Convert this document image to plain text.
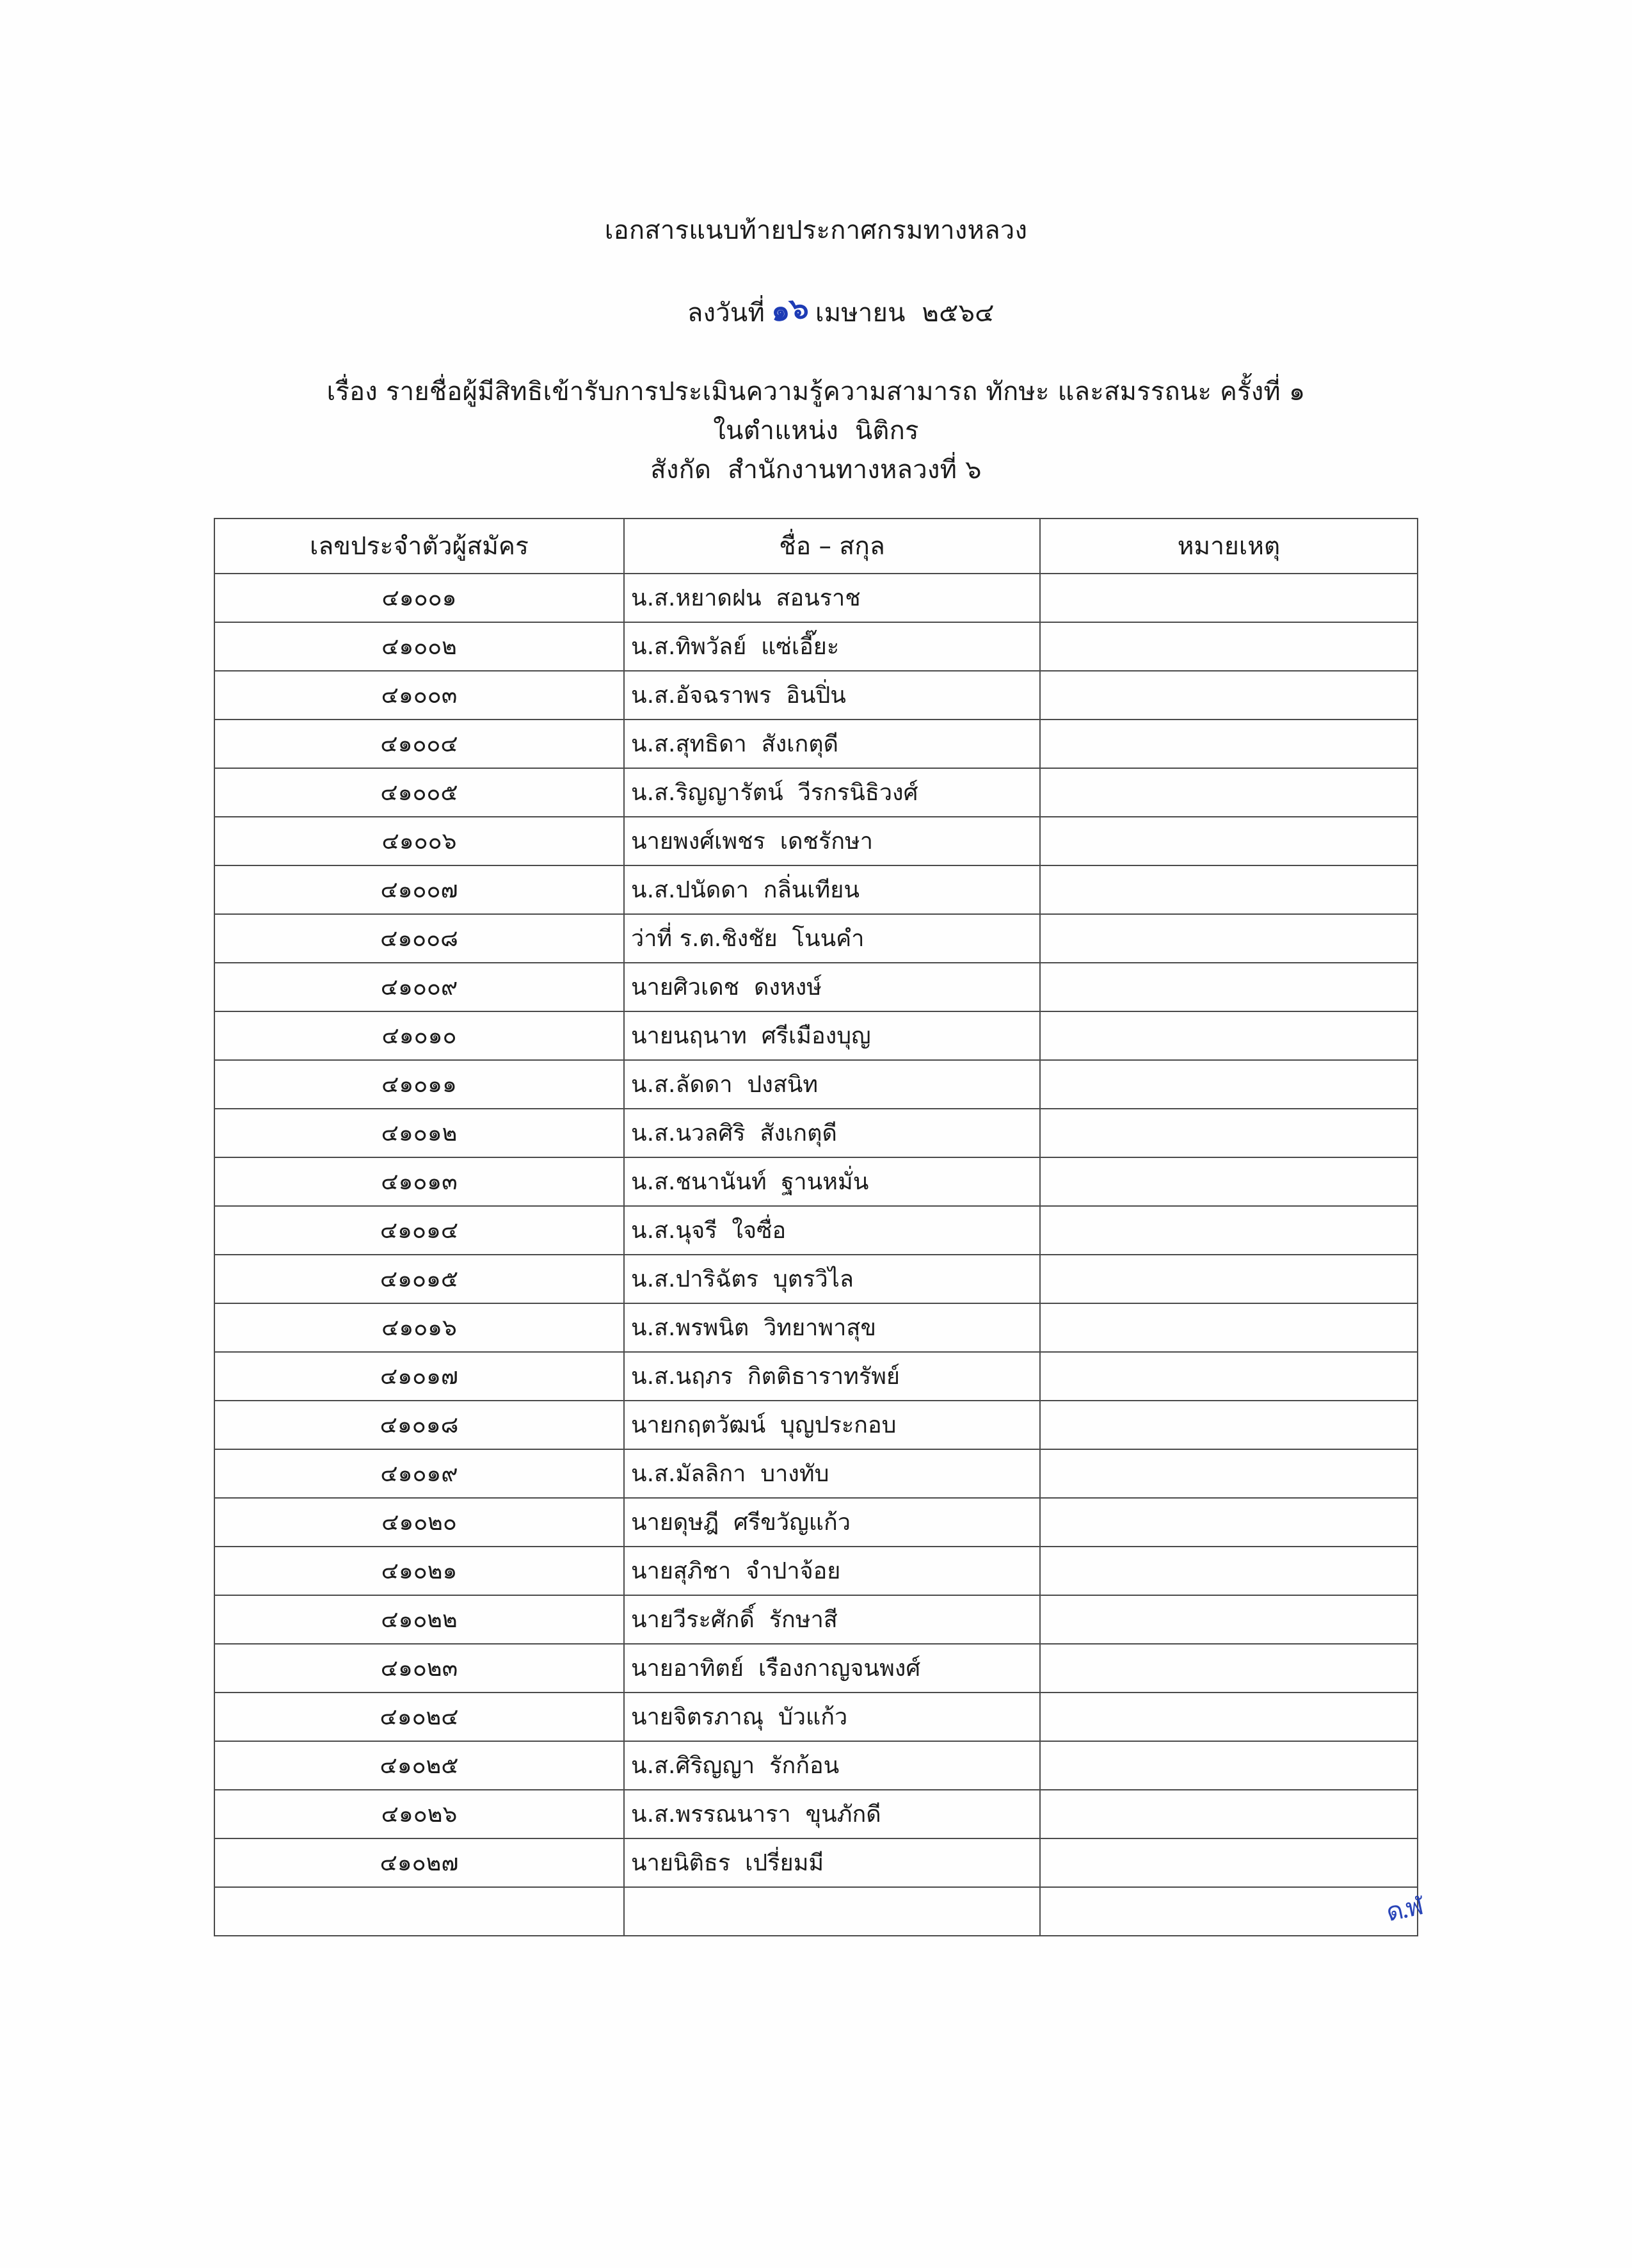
เอกสารแนบท้ายประกาศกรมทางหลวง

ลงวันที่ ๑๖ เมษายน  ๒๕๖๔

เรื่อง รายชื่อผู้มีสิทธิเข้ารับการประเมินความรู้ความสามารถ ทักษะ และสมรรถนะ ครั้งที่ ๑
ในตำแหน่ง  นิติกร
สังกัด  สำนักงานทางหลวงที่ ๖
เลขประจำตัวผู้สมัคร	ชื่อ – สกุล	หมายเหตุ
๔๑๐๐๑	น.ส.หยาดฝน  สอนราช	
๔๑๐๐๒	น.ส.ทิพวัลย์  แซ่เอี๊ยะ	
๔๑๐๐๓	น.ส.อัจฉราพร  อินปิ่น	
๔๑๐๐๔	น.ส.สุทธิดา  สังเกตุดี	
๔๑๐๐๕	น.ส.ริญญารัตน์  วีรกรนิธิวงศ์	
๔๑๐๐๖	นายพงศ์เพชร  เดชรักษา	
๔๑๐๐๗	น.ส.ปนัดดา  กลิ่นเทียน	
๔๑๐๐๘	ว่าที่ ร.ต.ชิงชัย  โนนคำ	
๔๑๐๐๙	นายศิวเดช  ดงหงษ์	
๔๑๐๑๐	นายนฤนาท  ศรีเมืองบุญ	
๔๑๐๑๑	น.ส.ลัดดา  ปงสนิท	
๔๑๐๑๒	น.ส.นวลศิริ  สังเกตุดี	
๔๑๐๑๓	น.ส.ชนานันท์  ฐานหมั่น	
๔๑๐๑๔	น.ส.นุจรี  ใจซื่อ	
๔๑๐๑๕	น.ส.ปาริฉัตร  บุตรวิไล	
๔๑๐๑๖	น.ส.พรพนิต  วิทยาพาสุข	
๔๑๐๑๗	น.ส.นฤภร  กิตติธาราทรัพย์	
๔๑๐๑๘	นายกฤตวัฒน์  บุญประกอบ	
๔๑๐๑๙	น.ส.มัลลิกา  บางทับ	
๔๑๐๒๐	นายดุษฎี  ศรีขวัญแก้ว	
๔๑๐๒๑	นายสุภิชา  จำปาจ้อย	
๔๑๐๒๒	นายวีระศักดิ์  รักษาสี	
๔๑๐๒๓	นายอาทิตย์  เรืองกาญจนพงศ์	
๔๑๐๒๔	นายจิตรภาณุ  บัวแก้ว	
๔๑๐๒๕	น.ส.ศิริญญา  รักก้อน	
๔๑๐๒๖	น.ส.พรรณนารา  ขุนภักดี	
๔๑๐๒๗	นายนิติธร  เปรี่ยมมี	

ด.ฬ
